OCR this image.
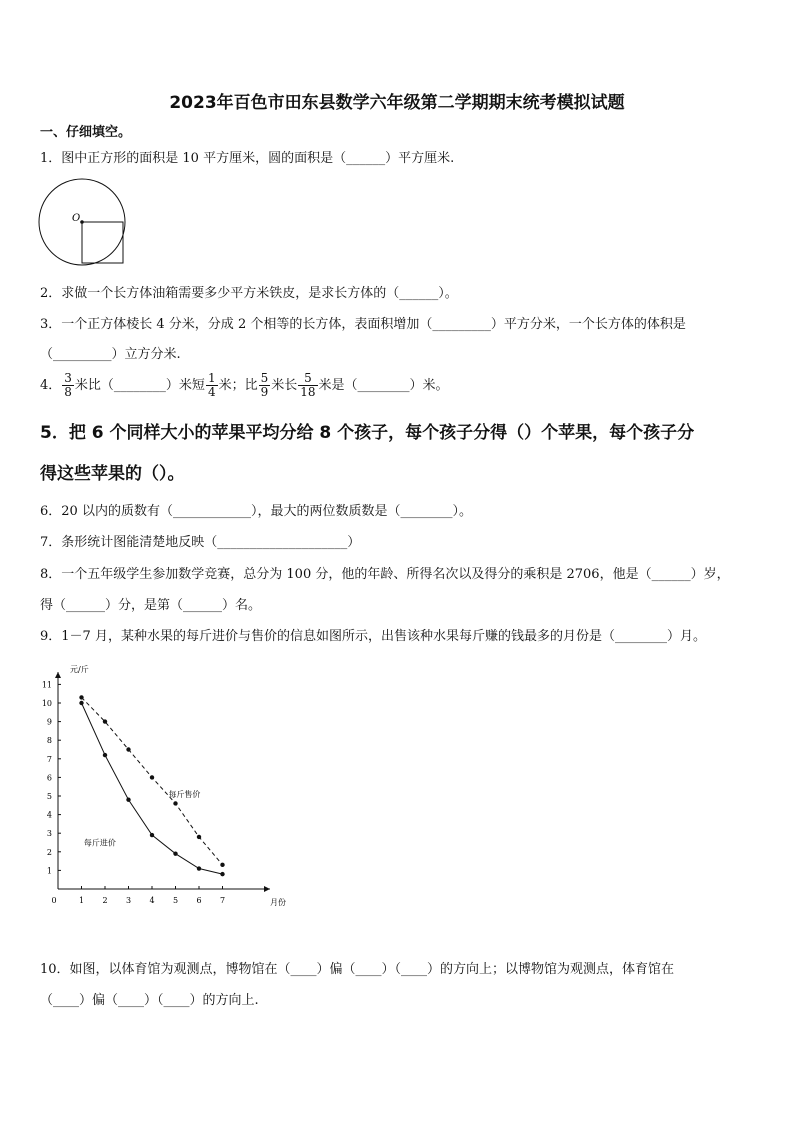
2023年百色市田东县数学六年级第二学期期末统考模拟试题
一、仔细填空。
1．图中正方形的面积是 10 平方厘米，圆的面积是（______）平方厘米.
O
2．求做一个长方体油箱需要多少平方米铁皮，是求长方体的（______）。
3．一个正方体棱长 4 分米，分成 2 个相等的长方体，表面积增加（_________）平方分米，一个长方体的体积是
（_________）立方分米.
4． $\frac{3}{8}$ 米比（________）米短 $\frac{1}{4}$ 米；比 $\frac{5}{9}$ 米长 $\frac{5}{18}$ 米是（________）米。
5．把 6 个同样大小的苹果平均分给 8 个孩子，每个孩子分得（）个苹果，每个孩子分
得这些苹果的（）。
6．20 以内的质数有（____________），最大的两位数质数是（________）。
7．条形统计图能清楚地反映（____________________）
8．一个五年级学生参加数学竞赛，总分为 100 分，他的年龄、所得名次以及得分的乘积是 2706，他是（______）岁，
得（______）分，是第（______）名。
9．1－7 月，某种水果的每斤进价与售价的信息如图所示，出售该种水果每斤赚的钱最多的月份是（________）月。
元/斤
月份
0	1 2 3 4 5 6 7
1
2
3
4
5
6
7
8
9
10
11
每斤售价
每斤进价
10．如图，以体育馆为观测点，博物馆在（____）偏（____）（____）的方向上；以博物馆为观测点，体育馆在
（____）偏（____）（____）的方向上.
